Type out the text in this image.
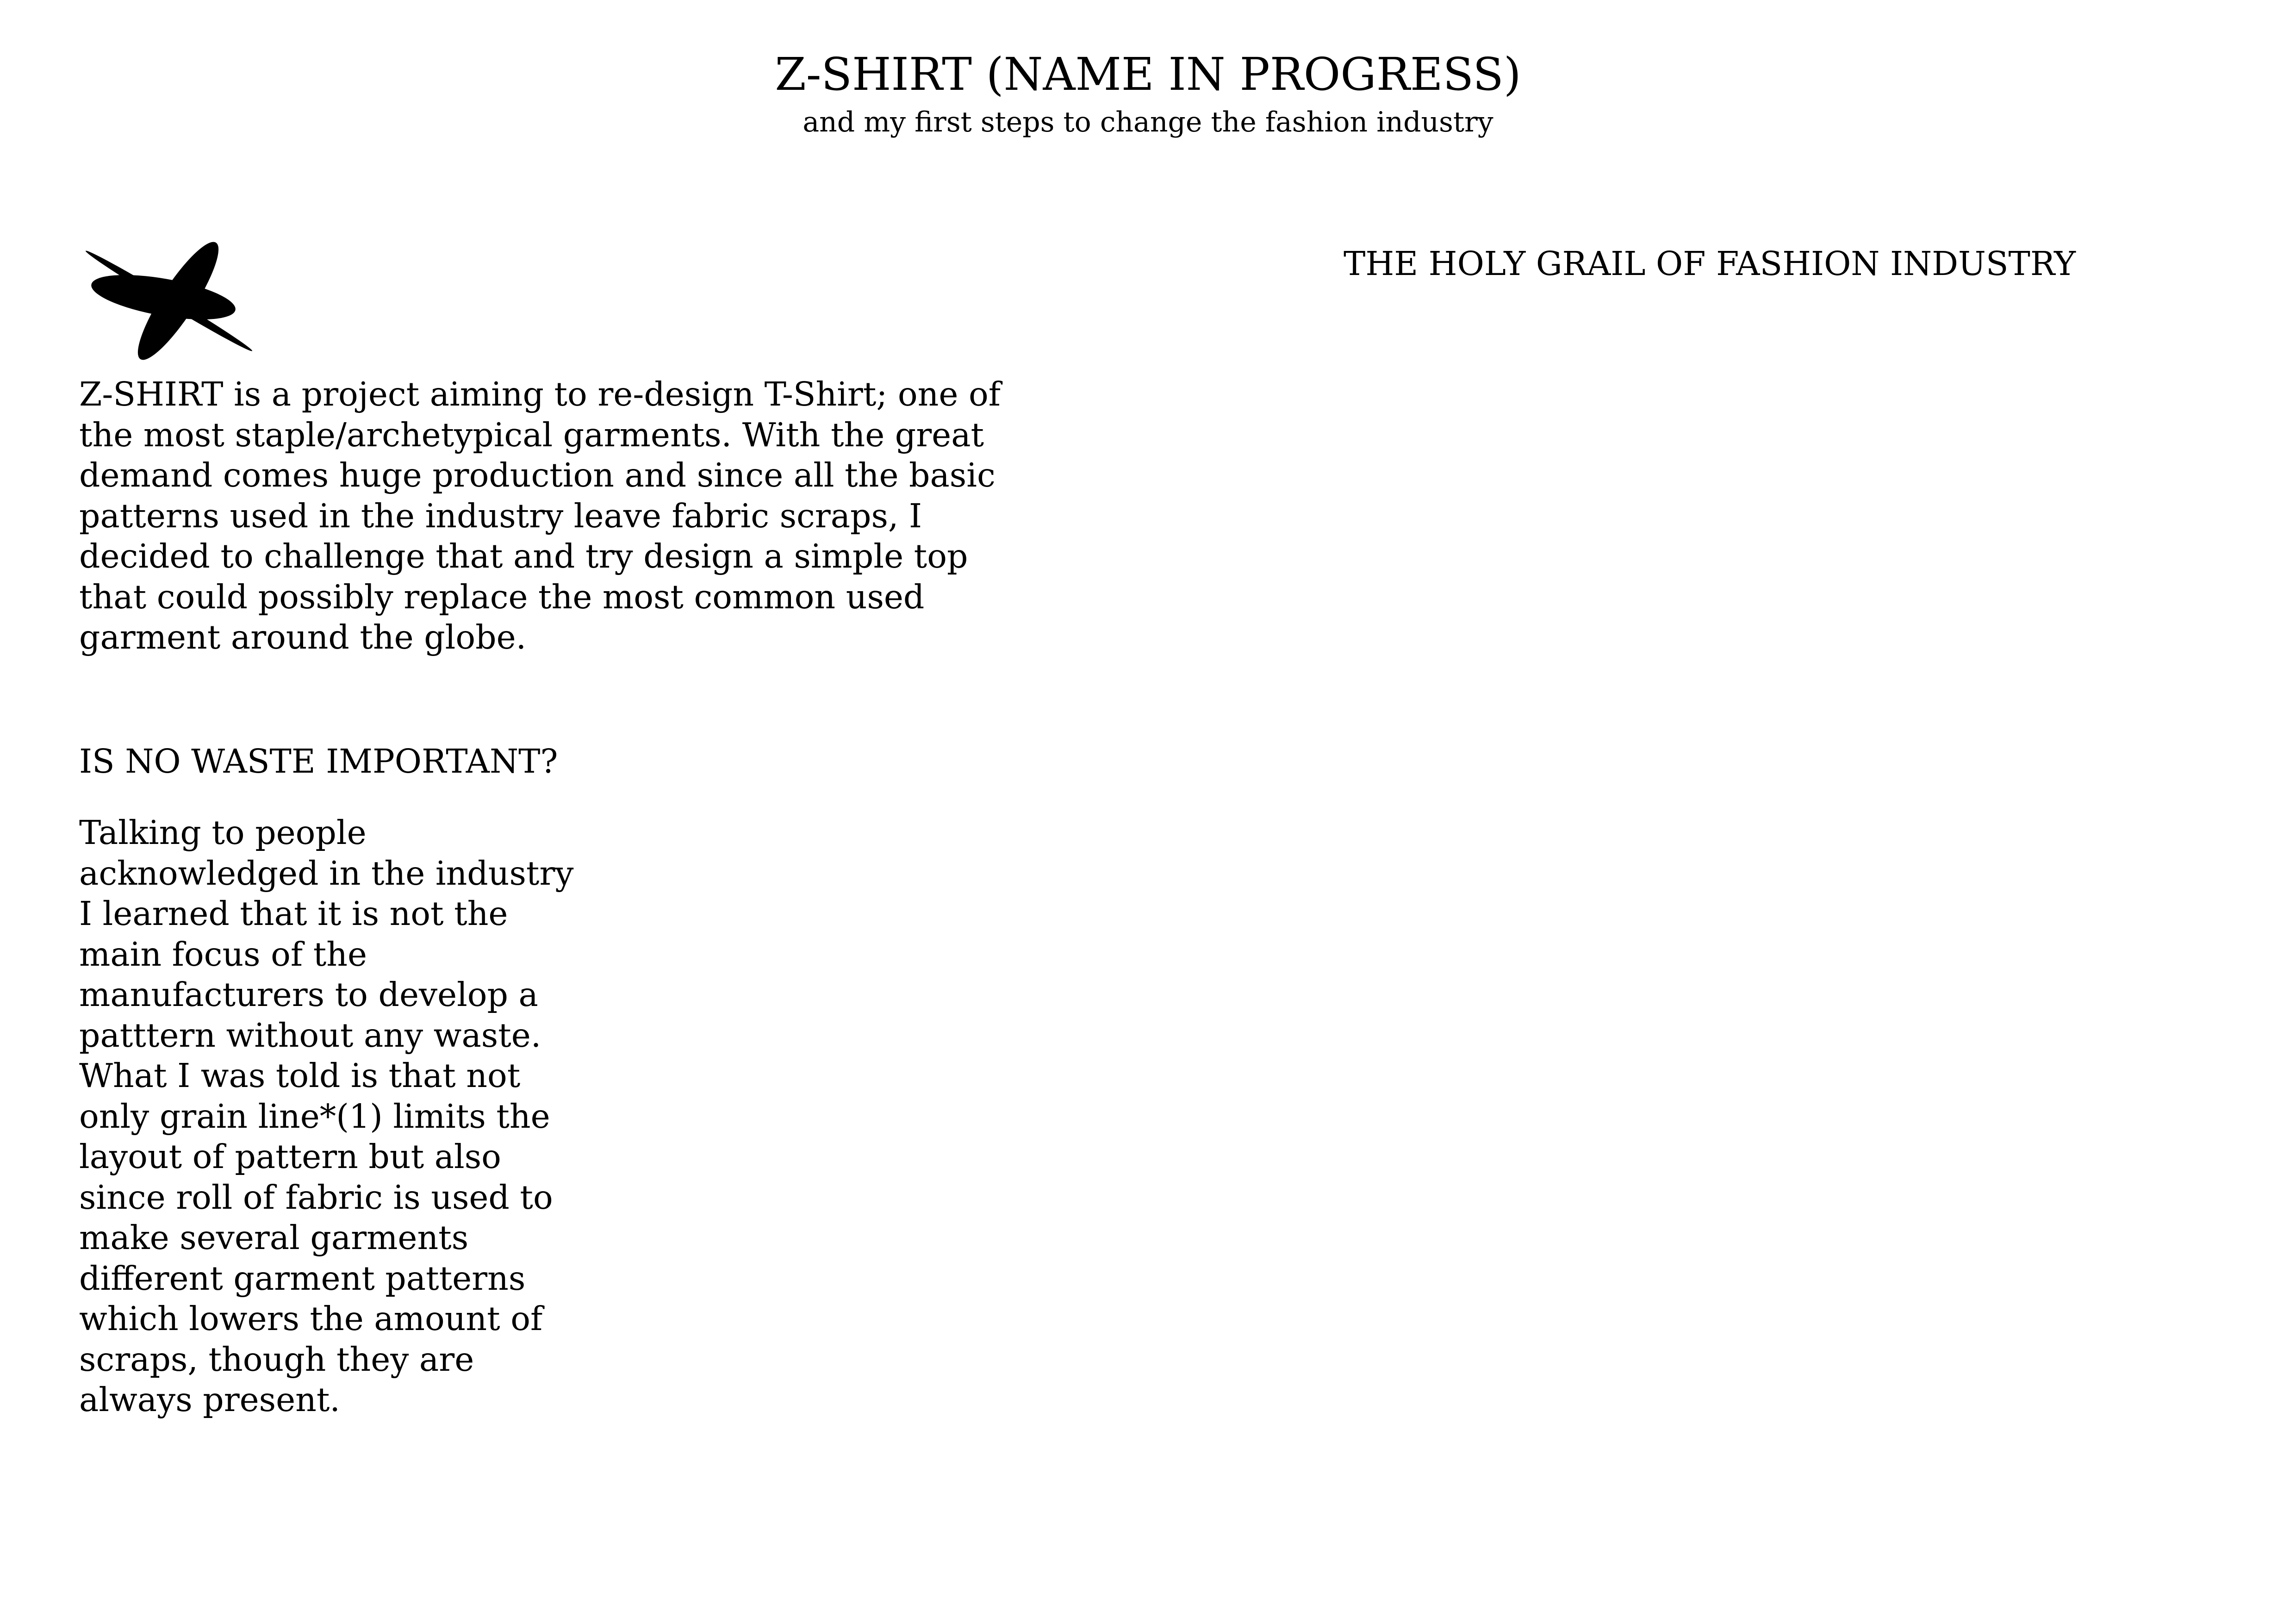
Z-SHIRT (NAME IN PROGRESS)

and my first steps to change the fashion industry

Z-SHIRT is a project aiming to re-design T-Shirt; one of the most staple/archetypical garments. With the great demand comes huge production and since all the basic patterns used in the industry leave fabric scraps, I decided to challenge that and try design a simple top that could possibly replace the most common used garment around the globe.

IS NO WASTE IMPORTANT?

Talking to people acknowledged in the industry I learned that it is not the main focus of the manufacturers to develop a patttern without any waste. What I was told is that not only grain line*(1) limits the layout of pattern but also since roll of fabric is used to make several garments different garment patterns which lowers the amount of scraps, though they are always present.

THE HOLY GRAIL OF FASHION INDUSTRY
